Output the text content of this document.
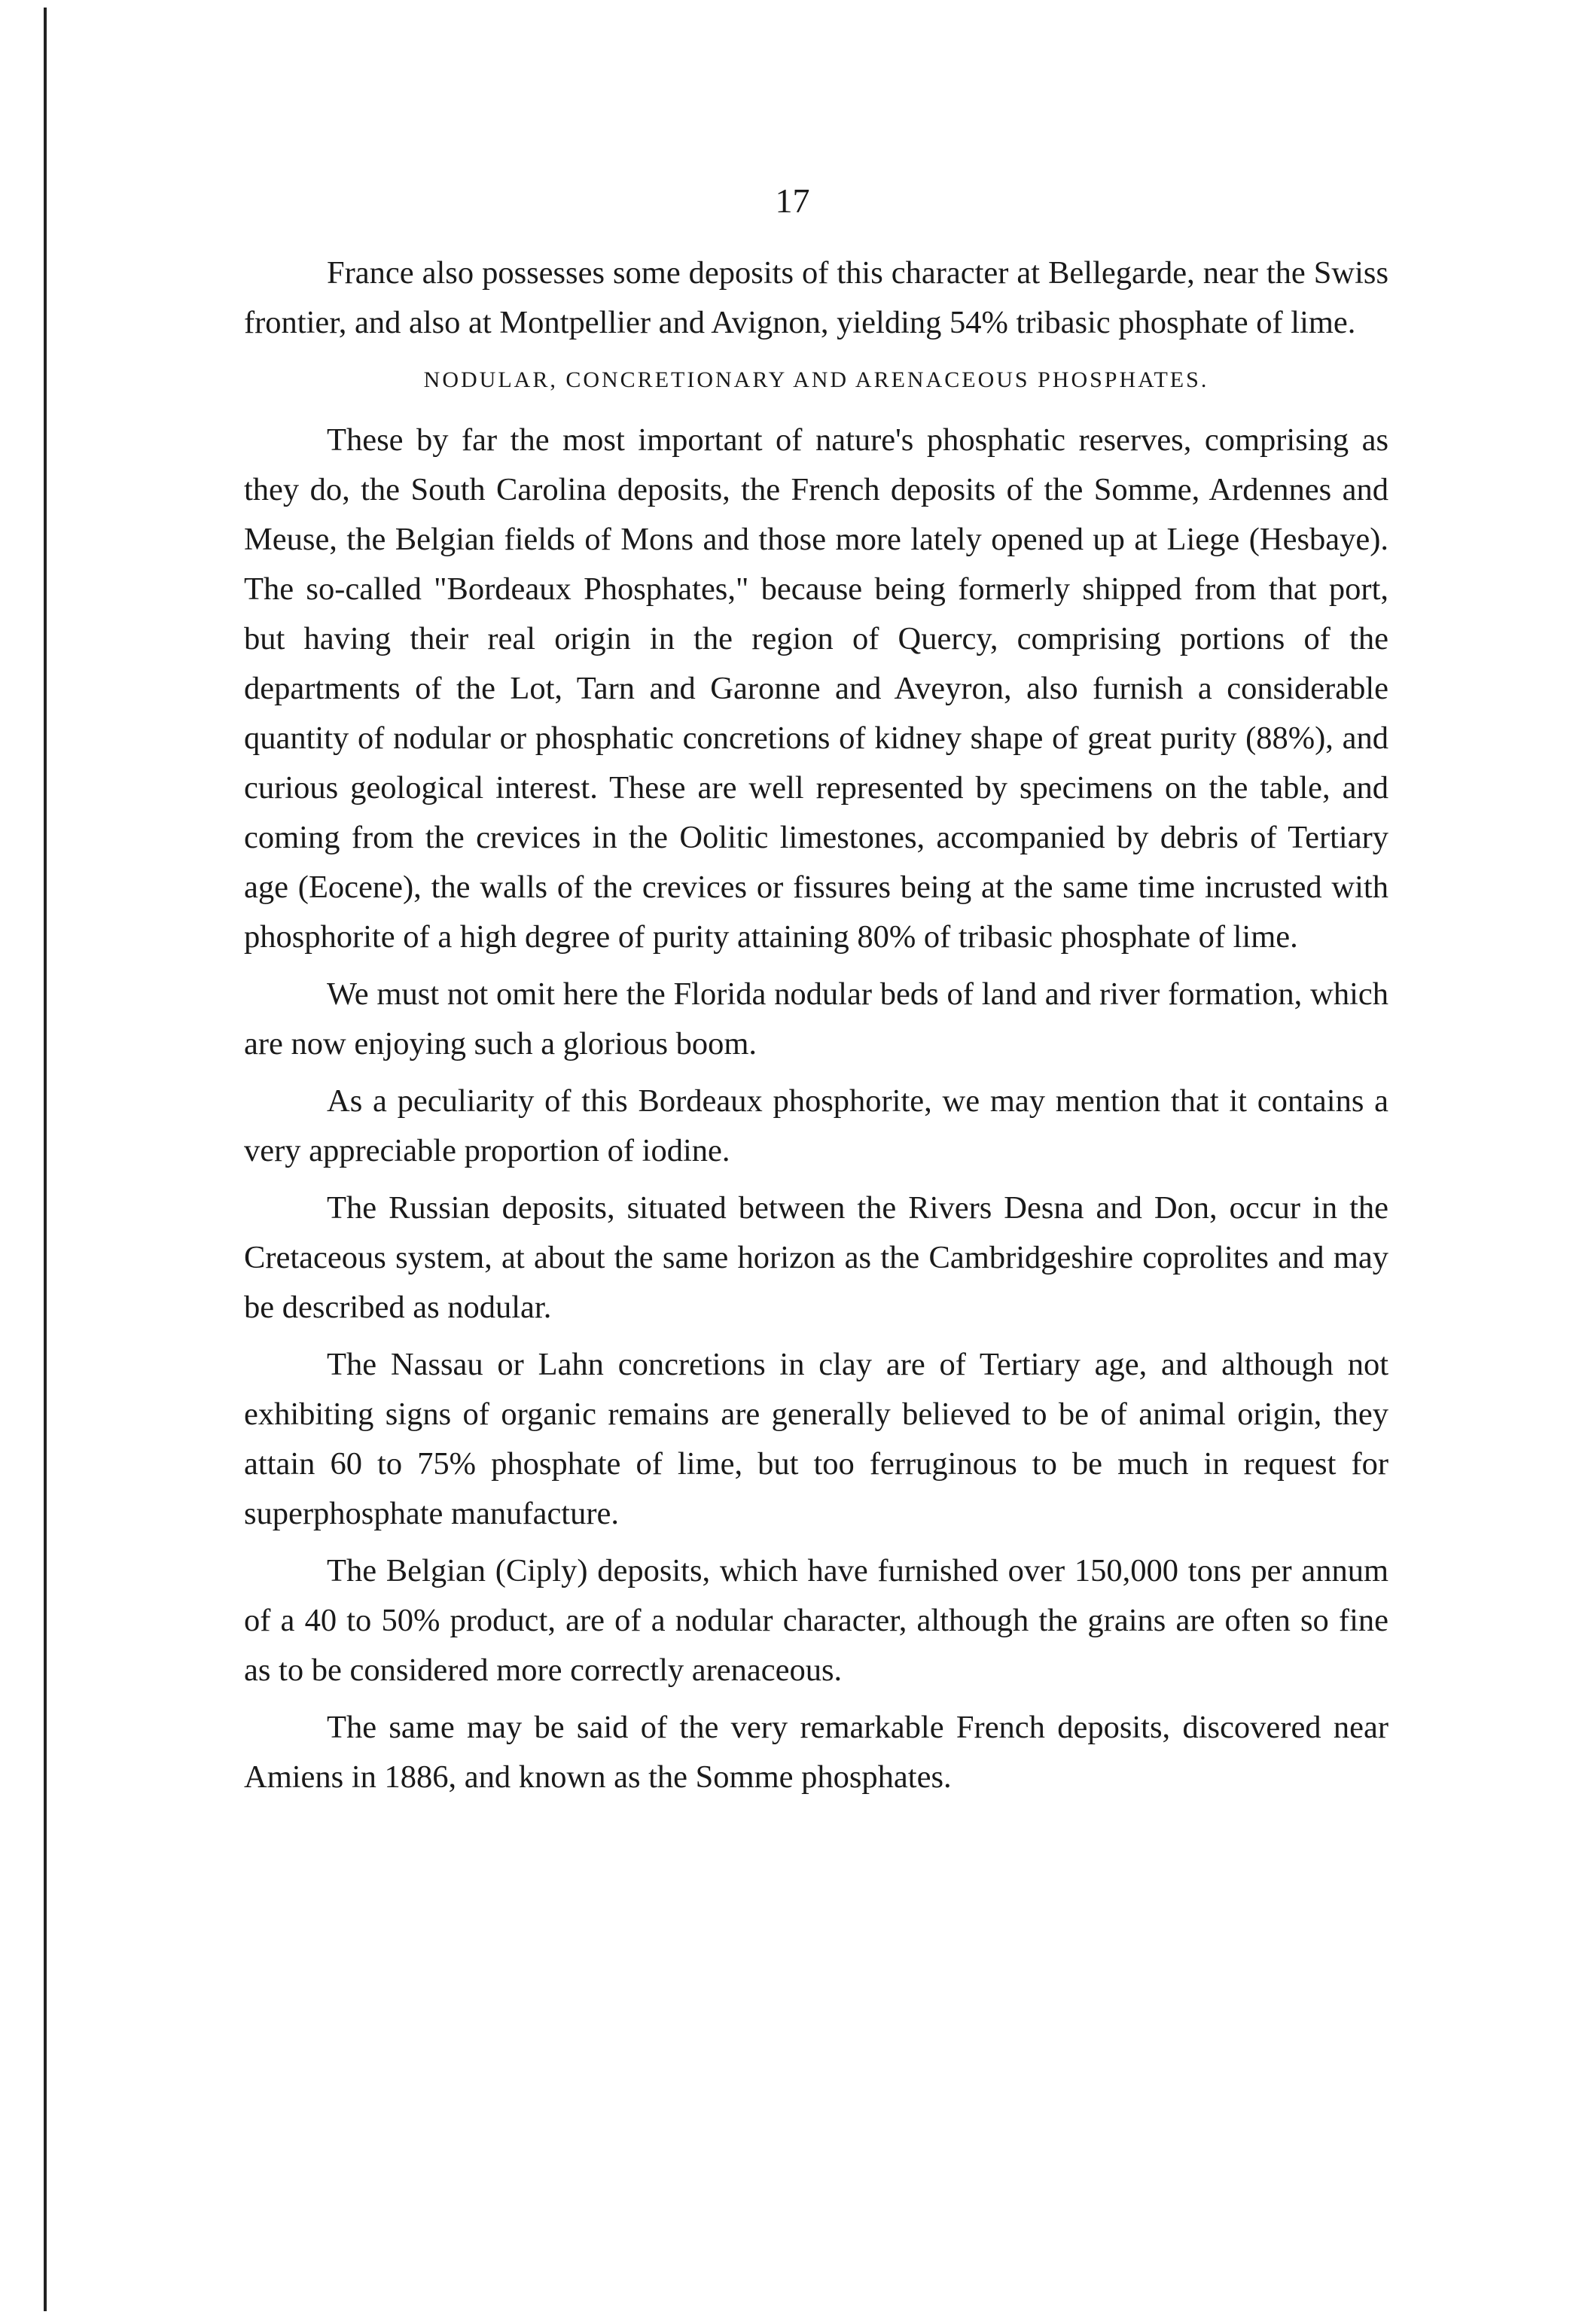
17

France also possesses some deposits of this character at Bellegarde, near the Swiss frontier, and also at Montpellier and Avignon, yielding 54% tribasic phosphate of lime.

NODULAR, CONCRETIONARY AND ARENACEOUS PHOSPHATES.

These by far the most important of nature's phosphatic reserves, comprising as they do, the South Carolina deposits, the French deposits of the Somme, Ardennes and Meuse, the Belgian fields of Mons and those more lately opened up at Liege (Hesbaye). The so-called "Bordeaux Phosphates," because being formerly shipped from that port, but having their real origin in the region of Quercy, comprising portions of the departments of the Lot, Tarn and Garonne and Aveyron, also furnish a considerable quantity of nodular or phosphatic concretions of kidney shape of great purity (88%), and curious geological interest. These are well represented by specimens on the table, and coming from the crevices in the Oolitic limestones, accompanied by debris of Tertiary age (Eocene), the walls of the crevices or fissures being at the same time incrusted with phosphorite of a high degree of purity attaining 80% of tribasic phosphate of lime.

We must not omit here the Florida nodular beds of land and river formation, which are now enjoying such a glorious boom.

As a peculiarity of this Bordeaux phosphorite, we may mention that it contains a very appreciable proportion of iodine.

The Russian deposits, situated between the Rivers Desna and Don, occur in the Cretaceous system, at about the same horizon as the Cambridgeshire coprolites and may be described as nodular.

The Nassau or Lahn concretions in clay are of Tertiary age, and although not exhibiting signs of organic remains are generally believed to be of animal origin, they attain 60 to 75% phosphate of lime, but too ferruginous to be much in request for superphosphate manufacture.

The Belgian (Ciply) deposits, which have furnished over 150,000 tons per annum of a 40 to 50% product, are of a nodular character, although the grains are often so fine as to be considered more correctly arenaceous.

The same may be said of the very remarkable French deposits, discovered near Amiens in 1886, and known as the Somme phosphates.
